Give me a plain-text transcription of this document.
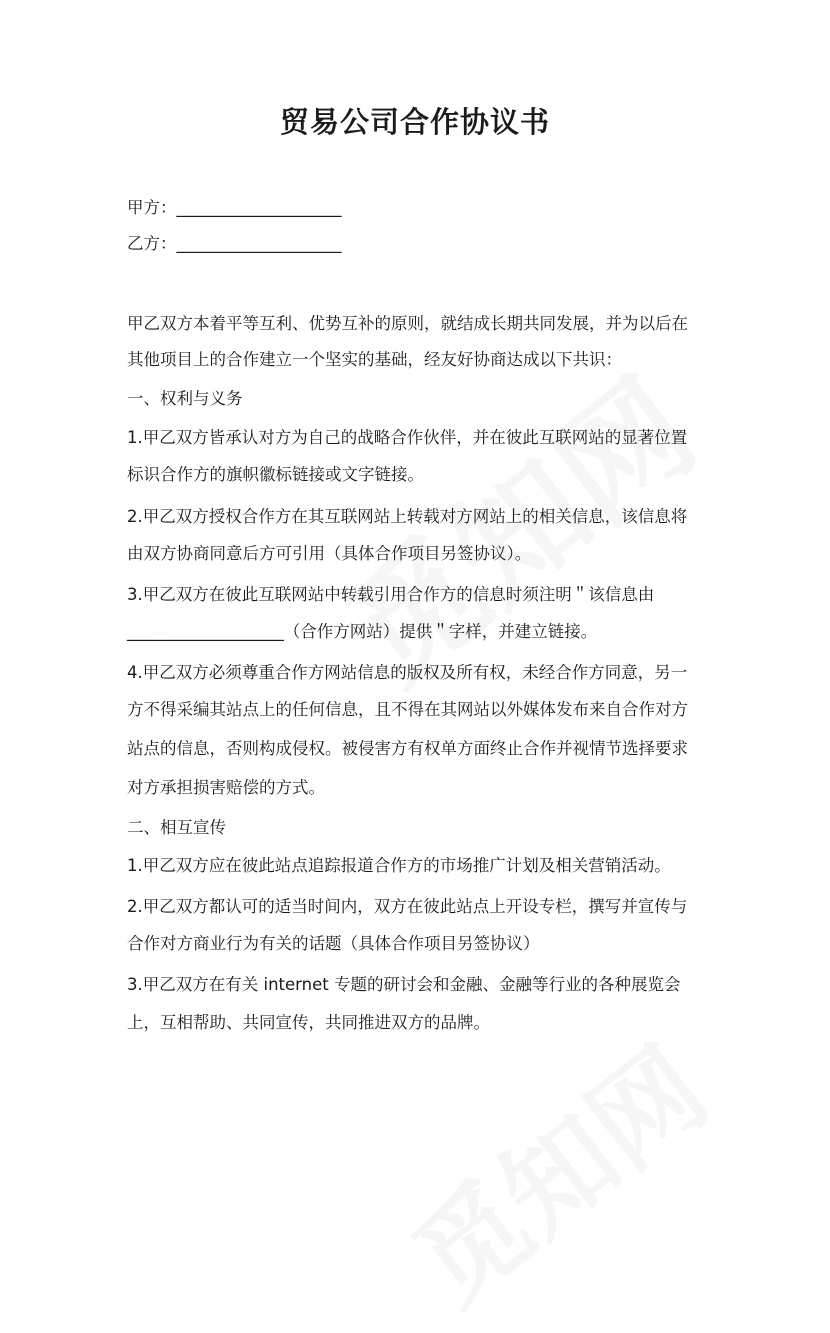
贸易公司合作协议书

甲方：____________________

乙方：____________________

甲乙双方本着平等互利、优势互补的原则，就结成长期共同发展，并为以后在

其他项目上的合作建立一个坚实的基础，经友好协商达成以下共识：

一、权利与义务

1.甲乙双方皆承认对方为自己的战略合作伙伴，并在彼此互联网站的显著位置

标识合作方的旗帜徽标链接或文字链接。

2.甲乙双方授权合作方在其互联网站上转载对方网站上的相关信息，该信息将

由双方协商同意后方可引用（具体合作项目另签协议）。

3.甲乙双方在彼此互联网站中转载引用合作方的信息时须注明＂该信息由

___________________（合作方网站）提供＂字样，并建立链接。

4.甲乙双方必须尊重合作方网站信息的版权及所有权，未经合作方同意，另一

方不得采编其站点上的任何信息，且不得在其网站以外媒体发布来自合作对方

站点的信息，否则构成侵权。被侵害方有权单方面终止合作并视情节选择要求

对方承担损害赔偿的方式。

二、相互宣传

1.甲乙双方应在彼此站点追踪报道合作方的市场推广计划及相关营销活动。

2.甲乙双方都认可的适当时间内，双方在彼此站点上开设专栏，撰写并宣传与

合作对方商业行为有关的话题（具体合作项目另签协议）

3.甲乙双方在有关 internet 专题的研讨会和金融、金融等行业的各种展览会

上，互相帮助、共同宣传，共同推进双方的品牌。
